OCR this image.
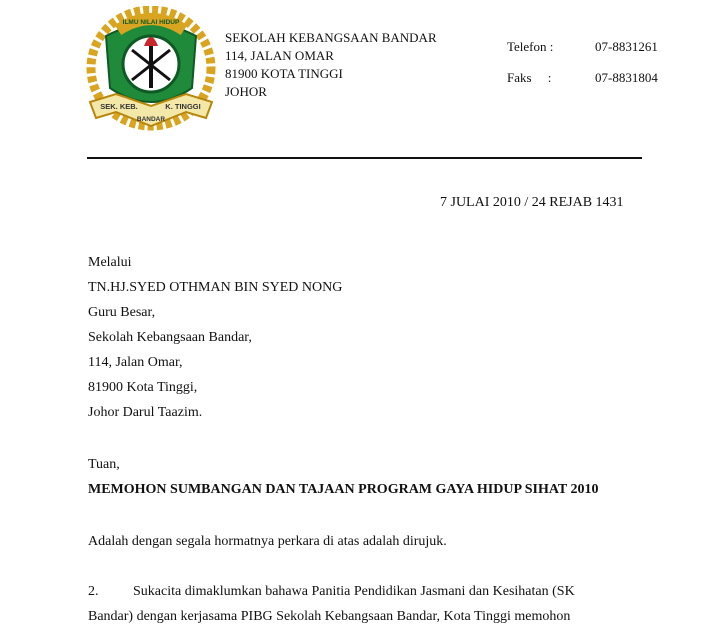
ILMU NILAI HIDUP
SEK. KEB.	K. TINGGI
BANDAR
SEKOLAH KEBANGSAAN BANDAR
114, JALAN OMAR
81900 KOTA TINGGI
JOHOR
Telefon :	07-8831261
Faks     :	07-8831804
7 JULAI 2010 / 24 REJAB 1431
Melalui
TN.HJ.SYED OTHMAN BIN SYED NONG
Guru Besar,
Sekolah Kebangsaan Bandar,
114, Jalan Omar,
81900 Kota Tinggi,
Johor Darul Taazim.
Tuan,
MEMOHON SUMBANGAN DAN TAJAAN PROGRAM GAYA HIDUP SIHAT 2010
Adalah dengan segala hormatnya perkara di atas adalah dirujuk.
2. Sukacita dimaklumkan bahawa Panitia Pendidikan Jasmani dan Kesihatan (SK
Bandar) dengan kerjasama PIBG Sekolah Kebangsaan Bandar, Kota Tinggi memohon
